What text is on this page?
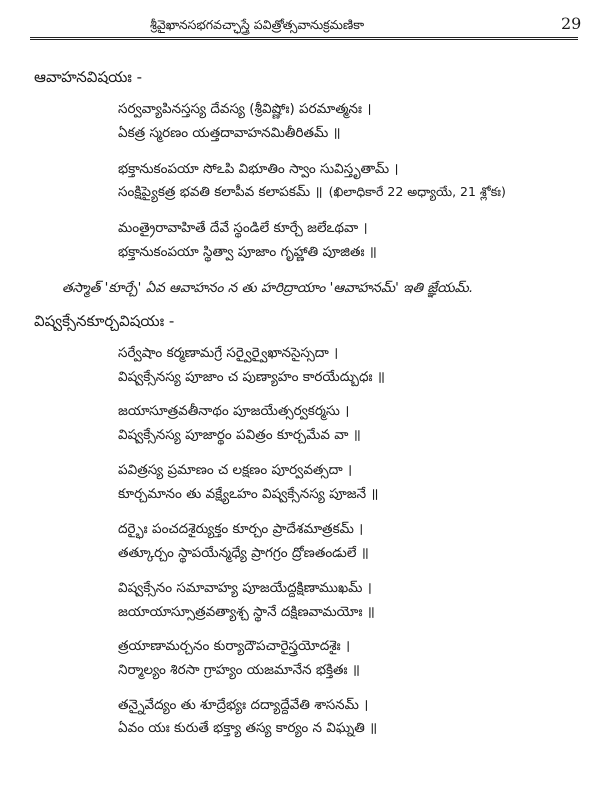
శ్రీవైఖానసభగవచ్ఛాస్త్రే పవిత్రోత్సవానుక్రమణికా	29
ఆవాహనవిషయః -
సర్వవ్యాపినస్తస్య దేవస్య (శ్రీవిష్ణోః) పరమాత్మనః ।
ఏకత్ర స్మరణం యత్తదావాహనమితీరితమ్ ॥
భక్తానుకంపయా సోఽపి విభూతిం స్వాం సువిస్తృతామ్ ।
సంక్షిప్యైకత్ర భవతి కలాపీవ కలాపకమ్ ॥ (ఖిలాధికారే 22 అధ్యాయే, 21 శ్లోకః)
మంత్రైరావాహితే దేవే స్థండిలే కూర్చే జలేఽథవా ।
భక్తానుకంపయా స్థిత్వా పూజాం గృహ్ణాతి పూజితః ॥
తస్మాత్ 'కూర్చే' ఏవ ఆవాహనం న తు హరిద్రాయాం 'ఆవాహనమ్' ఇతి జ్ఞేయమ్.
విష్వక్సేనకూర్చవిషయః -
సర్వేషాం కర్మణామగ్రే సర్వైర్వైఖానసైస్సదా ।
విష్వక్సేనస్య పూజాం చ పుణ్యాహం కారయేద్బుధః ॥
జయాసూత్రవతీనాథం పూజయేత్సర్వకర్మసు ।
విష్వక్సేనస్య పూజార్థం పవిత్రం కూర్చమేవ వా ॥
పవిత్రస్య ప్రమాణం చ లక్షణం పూర్వవత్సదా ।
కూర్చమానం తు వక్ష్యేఽహం విష్వక్సేనస్య పూజనే ॥
దర్భైః పంచదశైర్యుక్తం కూర్చం ప్రాదేశమాత్రకమ్ ।
తత్కూర్చం స్థాపయేన్మధ్యే ప్రాగగ్రం ద్రోణతండులే ॥
విష్వక్సేనం సమావాహ్య పూజయేద్దక్షిణాముఖమ్ ।
జయాయాస్సూత్రవత్యాశ్చ స్థానే దక్షిణవామయోః ॥
త్రయాణామర్చనం కుర్యాదౌపచారైస్త్రయోదశైః ।
నిర్మాల్యం శిరసా గ్రాహ్యం యజమానేన భక్తితః ॥
తన్నైవేద్యం తు శూద్రేభ్యః దద్యాద్దేవేతి శాసనమ్ ।
ఏవం యః కురుతే భక్త్యా తస్య కార్యం న విఘ్నతి ॥
